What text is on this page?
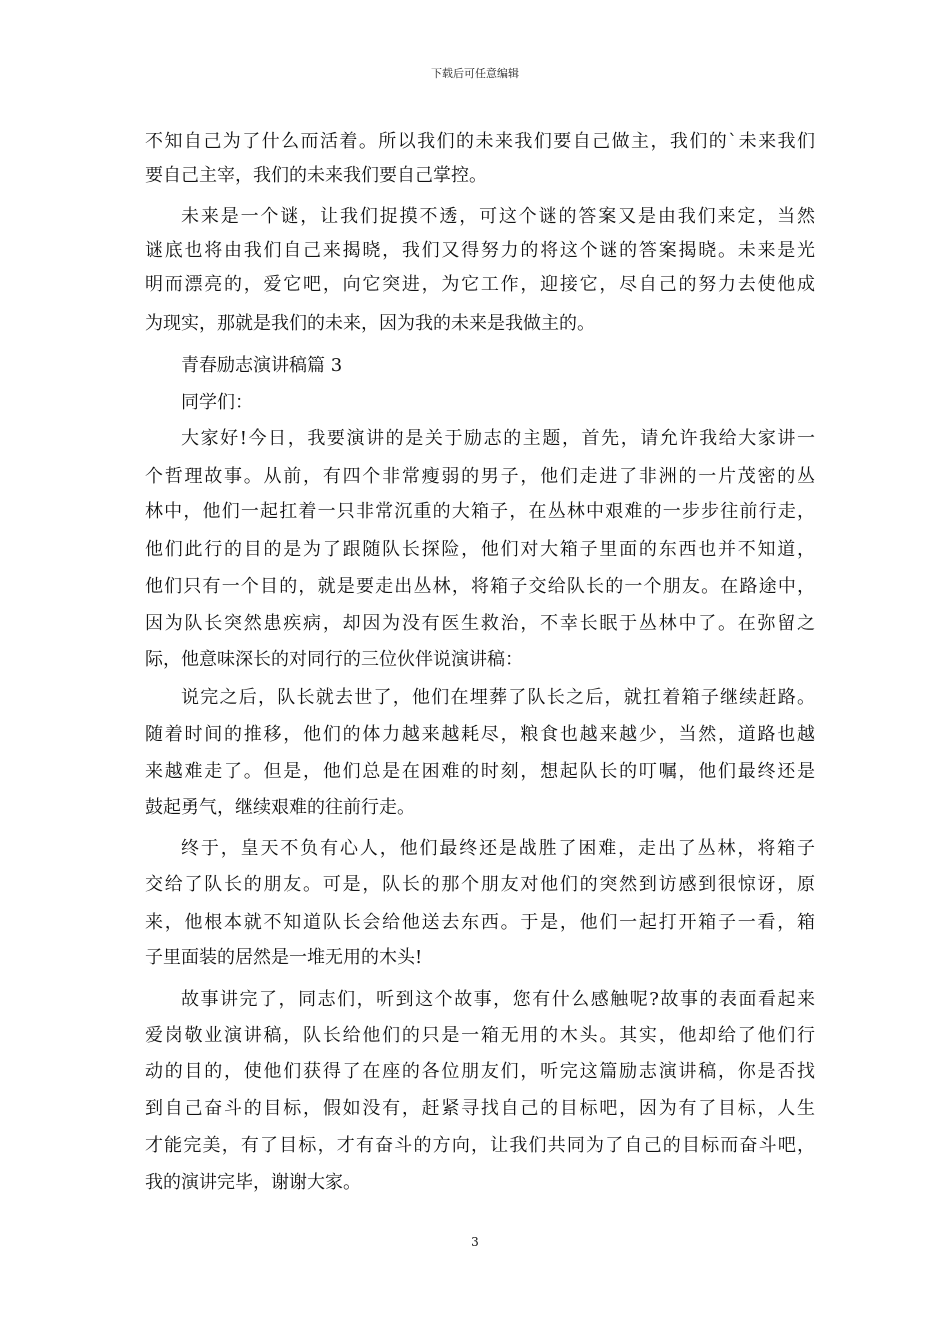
下载后可任意编辑
不知自己为了什么而活着。所以我们的未来我们要自己做主，我们的`未来我们
要自己主宰，我们的未来我们要自己掌控。
未来是一个谜，让我们捉摸不透，可这个谜的答案又是由我们来定，当然
谜底也将由我们自己来揭晓，我们又得努力的将这个谜的答案揭晓。未来是光
明而漂亮的，爱它吧，向它突进，为它工作，迎接它，尽自己的努力去使他成
为现实，那就是我们的未来，因为我的未来是我做主的。
青春励志演讲稿篇 3
同学们：
大家好!今日，我要演讲的是关于励志的主题，首先，请允许我给大家讲一
个哲理故事。从前，有四个非常瘦弱的男子，他们走进了非洲的一片茂密的丛
林中，他们一起扛着一只非常沉重的大箱子，在丛林中艰难的一步步往前行走，
他们此行的目的是为了跟随队长探险，他们对大箱子里面的东西也并不知道，
他们只有一个目的，就是要走出丛林，将箱子交给队长的一个朋友。在路途中，
因为队长突然患疾病，却因为没有医生救治，不幸长眠于丛林中了。在弥留之
际，他意味深长的对同行的三位伙伴说演讲稿：
说完之后，队长就去世了，他们在埋葬了队长之后，就扛着箱子继续赶路。
随着时间的推移，他们的体力越来越耗尽，粮食也越来越少，当然，道路也越
来越难走了。但是，他们总是在困难的时刻，想起队长的叮嘱，他们最终还是
鼓起勇气，继续艰难的往前行走。
终于，皇天不负有心人，他们最终还是战胜了困难，走出了丛林，将箱子
交给了队长的朋友。可是，队长的那个朋友对他们的突然到访感到很惊讶，原
来，他根本就不知道队长会给他送去东西。于是，他们一起打开箱子一看，箱
子里面装的居然是一堆无用的木头!
故事讲完了，同志们，听到这个故事，您有什么感触呢?故事的表面看起来
爱岗敬业演讲稿，队长给他们的只是一箱无用的木头。其实，他却给了他们行
动的目的，使他们获得了在座的各位朋友们，听完这篇励志演讲稿，你是否找
到自己奋斗的目标，假如没有，赶紧寻找自己的目标吧，因为有了目标，人生
才能完美，有了目标，才有奋斗的方向，让我们共同为了自己的目标而奋斗吧，
我的演讲完毕，谢谢大家。
3
